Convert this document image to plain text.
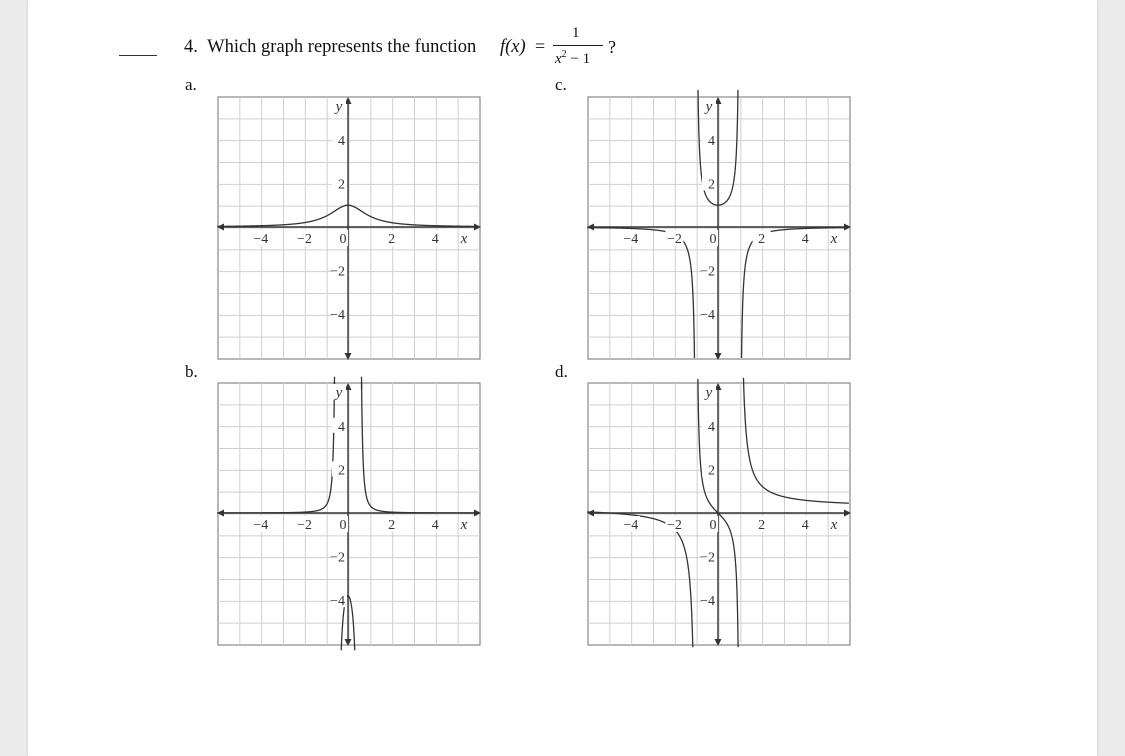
4. Which graph represents the function f(x) =
1
$x^2 - 1$
?
a.	c.
b.	d.
−4 −2	2	4
0
4
2
−2
−4
x
y
−4 −2	2	4
0
4
2
−2
−4
x
y
−4 −2	2	4
0
4
2
−2
−4
x
y
−4 −2	2	4
0
4
2
−2
−4
x
y
